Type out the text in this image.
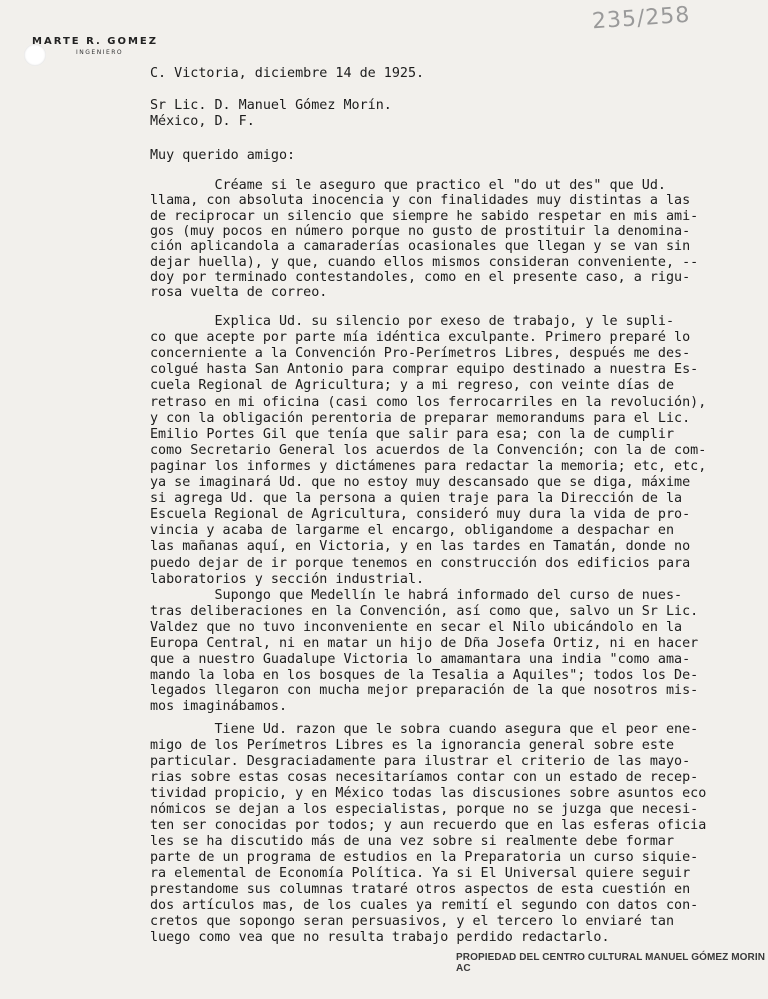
MARTE R. GOMEZ
INGENIERO
235/258
C. Victoria, diciembre 14 de 1925.
Sr Lic. D. Manuel Gómez Morín.
México, D. F.
Muy querido amigo:
Créame si le aseguro que practico el "do ut des" que Ud.
llama, con absoluta inocencia y con finalidades muy distintas a las
de reciprocar un silencio que siempre he sabido respetar en mis ami-
gos (muy pocos en número porque no gusto de prostituir la denomina-
ción aplicandola a camaraderías ocasionales que llegan y se van sin
dejar huella), y que, cuando ellos mismos consideran conveniente, --
doy por terminado contestandoles, como en el presente caso, a rigu-
rosa vuelta de correo.
Explica Ud. su silencio por exeso de trabajo, y le supli-
co que acepte por parte mía idéntica exculpante. Primero preparé lo
concerniente a la Convención Pro-Perímetros Libres, después me des-
colgué hasta San Antonio para comprar equipo destinado a nuestra Es-
cuela Regional de Agricultura; y a mi regreso, con veinte días de
retraso en mi oficina (casi como los ferrocarriles en la revolución),
y con la obligación perentoria de preparar memorandums para el Lic.
Emilio Portes Gil que tenía que salir para esa; con la de cumplir
como Secretario General los acuerdos de la Convención; con la de com-
paginar los informes y dictámenes para redactar la memoria; etc, etc,
ya se imaginará Ud. que no estoy muy descansado que se diga, máxime
si agrega Ud. que la persona a quien traje para la Dirección de la
Escuela Regional de Agricultura, consideró muy dura la vida de pro-
vincia y acaba de largarme el encargo, obligandome a despachar en
las mañanas aquí, en Victoria, y en las tardes en Tamatán, donde no
puedo dejar de ir porque tenemos en construcción dos edificios para
laboratorios y sección industrial.
Supongo que Medellín le habrá informado del curso de nues-
tras deliberaciones en la Convención, así como que, salvo un Sr Lic.
Valdez que no tuvo inconveniente en secar el Nilo ubicándolo en la
Europa Central, ni en matar un hijo de Dña Josefa Ortiz, ni en hacer
que a nuestro Guadalupe Victoria lo amamantara una india "como ama-
mando la loba en los bosques de la Tesalia a Aquiles"; todos los De-
legados llegaron con mucha mejor preparación de la que nosotros mis-
mos imaginábamos.
Tiene Ud. razon que le sobra cuando asegura que el peor ene-
migo de los Perímetros Libres es la ignorancia general sobre este
particular. Desgraciadamente para ilustrar el criterio de las mayo-
rias sobre estas cosas necesitaríamos contar con un estado de recep-
tividad propicio, y en México todas las discusiones sobre asuntos eco
nómicos se dejan a los especialistas, porque no se juzga que necesi-
ten ser conocidas por todos; y aun recuerdo que en las esferas oficia
les se ha discutido más de una vez sobre si realmente debe formar
parte de un programa de estudios en la Preparatoria un curso siquie-
ra elemental de Economía Política. Ya si El Universal quiere seguir
prestandome sus columnas trataré otros aspectos de esta cuestión en
dos artículos mas, de los cuales ya remití el segundo con datos con-
cretos que sopongo seran persuasivos, y el tercero lo enviaré tan
luego como vea que no resulta trabajo perdido redactarlo.
PROPIEDAD DEL CENTRO CULTURAL MANUEL GÓMEZ MORIN AC
